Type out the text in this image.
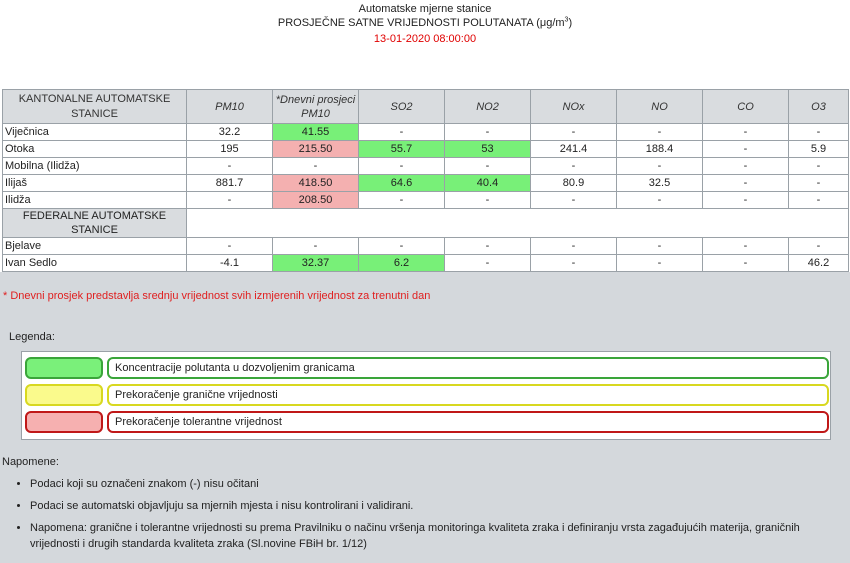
Automatske mjerne stanice
PROSJEČNE SATNE VRIJEDNOSTI POLUTANATA $(\mu g/m^3)$
13-01-2020 08:00:00
KANTONALNE AUTOMATSKE STANICE	PM10	*Dnevni prosjeci PM10	SO2	NO2	NOx	NO	CO	O3
Viječnica	32.2	41.55	-	-	-	-	-	-
Otoka	195	215.50	55.7	53	241.4	188.4	-	5.9
Mobilna (Ilidža)	-	-	-	-	-	-	-	-
Ilijaš	881.7	418.50	64.6	40.4	80.9	32.5	-	-
Ilidža	-	208.50	-	-	-	-	-	-
FEDERALNE AUTOMATSKE STANICE								
Bjelave	-	-	-	-	-	-	-	-
Ivan Sedlo	-4.1	32.37	6.2	-	-	-	-	46.2
* Dnevni prosjek predstavlja srednju vrijednost svih izmjerenih vrijednost za trenutni dan
Legenda:
Koncentracije polutanta u dozvoljenim granicama
Prekoračenje granične vrijednosti
Prekoračenje tolerantne vrijednost
Napomene:
• Podaci koji su označeni znakom (-) nisu očitani
• Podaci se automatski objavljuju sa mjernih mjesta i nisu kontrolirani i validirani.
• Napomena: granične i tolerantne vrijednosti su prema Pravilniku o načinu vršenja monitoringa kvaliteta zraka i definiranju vrsta zagađujućih materija, graničnih vrijednosti i drugih standarda kvaliteta zraka (Sl.novine FBiH br. 1/12)
